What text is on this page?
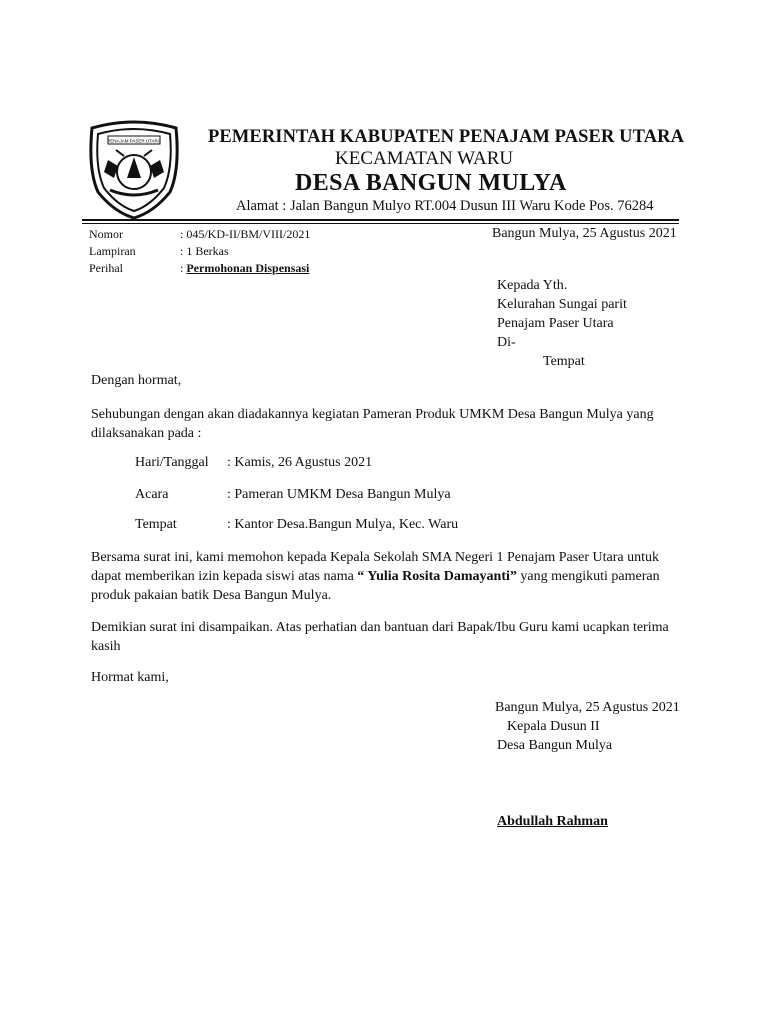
PENAJAM PASER UTARA	PEMERINTAH KABUPATEN PENAJAM PASER UTARA
KECAMATAN WARU
DESA BANGUN MULYA
Alamat : Jalan Bangun Mulyo RT.004 Dusun III Waru Kode Pos. 76284
Nomor	: 045/KD-II/BM/VIII/2021
Lampiran	: 1 Berkas
Perihal	: Permohonan Dispensasi
Bangun Mulya, 25 Agustus 2021
Kepada Yth.
Kelurahan Sungai parit
Penajam Paser Utara
Di-
Tempat
Dengan hormat,
Sehubungan dengan akan diadakannya kegiatan Pameran Produk UMKM Desa Bangun Mulya yang dilaksanakan pada :
Hari/Tanggal : Kamis, 26 Agustus 2021
Acara	: Pameran UMKM Desa Bangun Mulya
Tempat	: Kantor Desa.Bangun Mulya, Kec. Waru
Bersama surat ini, kami memohon kepada Kepala Sekolah SMA Negeri 1 Penajam Paser Utara untuk dapat memberikan izin kepada siswi atas nama “ Yulia Rosita Damayanti” yang mengikuti pameran produk pakaian batik Desa Bangun Mulya.
Demikian surat ini disampaikan. Atas perhatian dan bantuan dari Bapak/Ibu Guru kami ucapkan terima kasih
Hormat kami,
Bangun Mulya, 25 Agustus 2021
Kepala Dusun II
Desa Bangun Mulya
Abdullah Rahman
